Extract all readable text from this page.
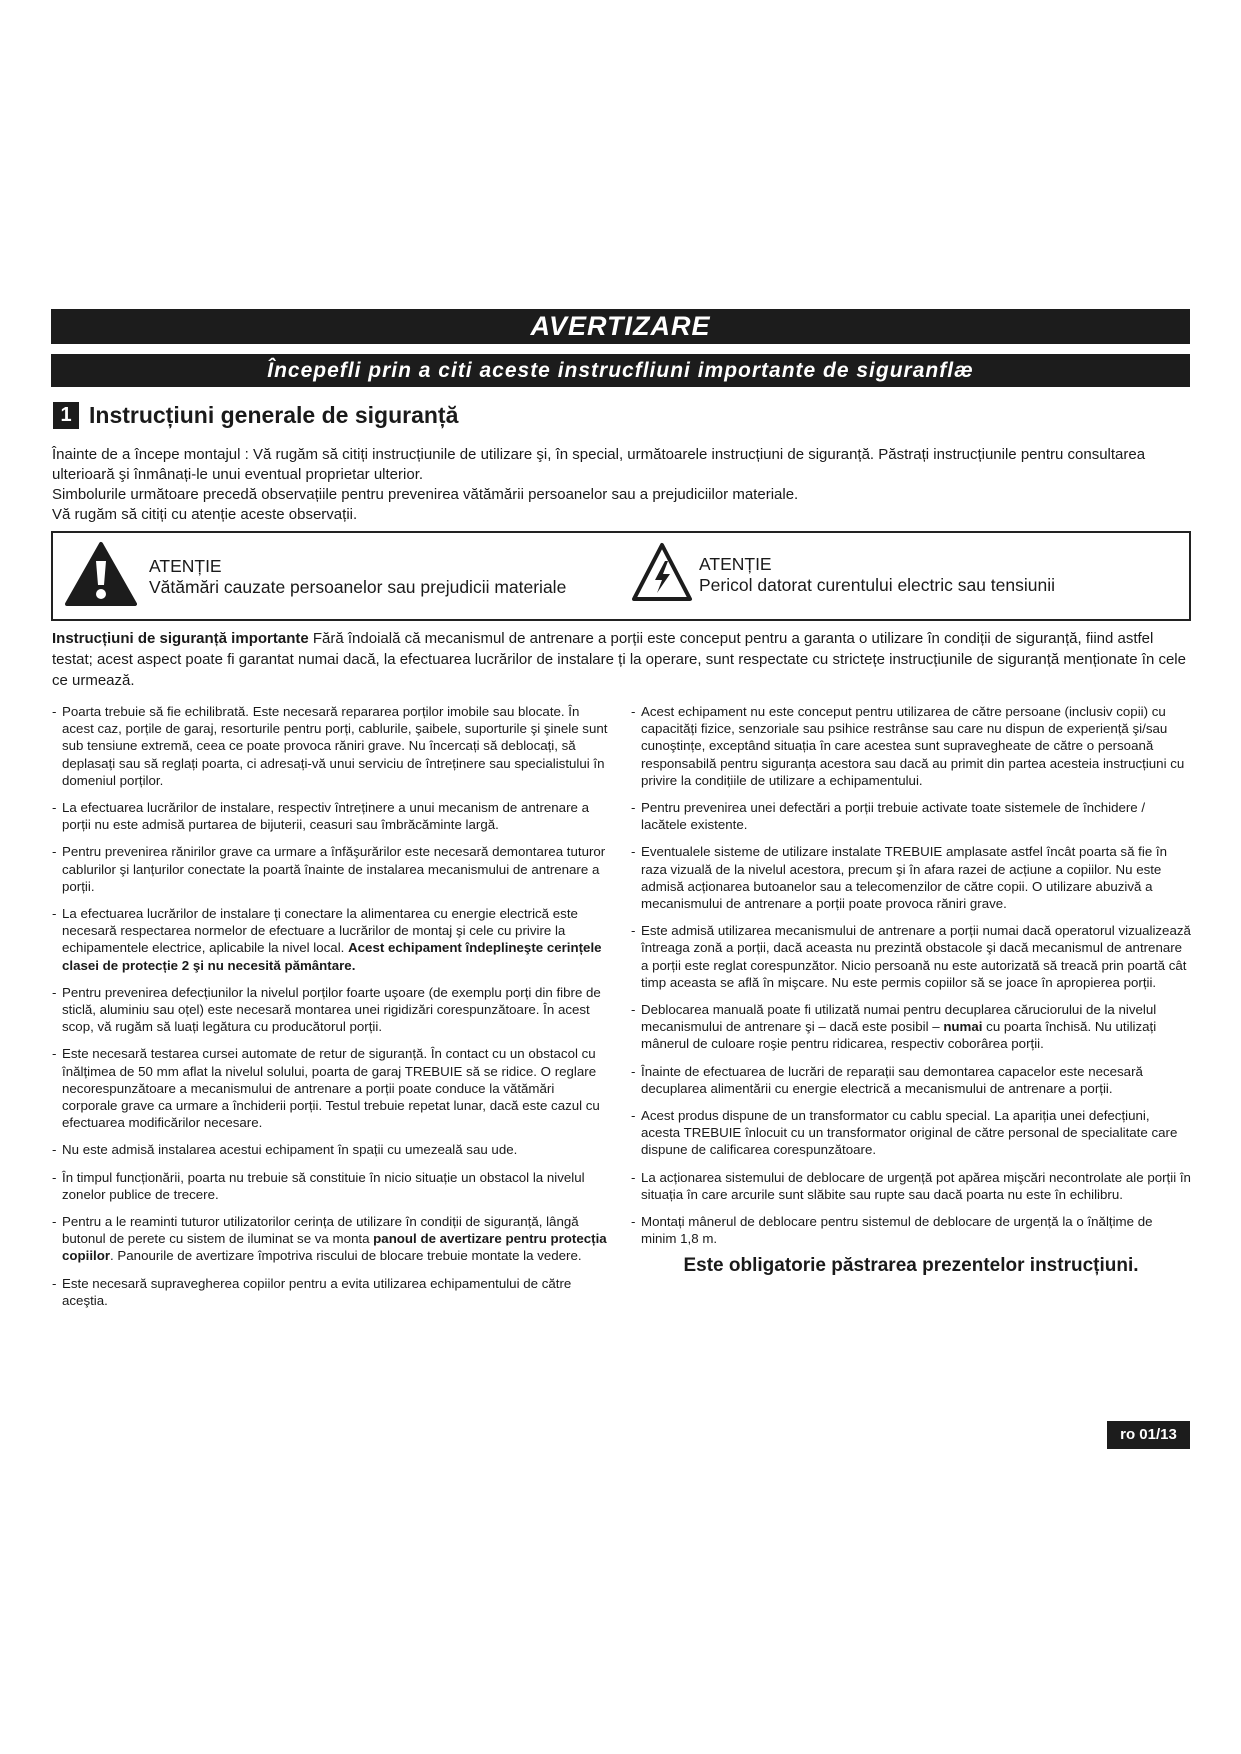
AVERTIZARE
Începefli prin a citi aceste instrucfliuni importante de siguranflæ
1 Instrucțiuni generale de siguranță

Înainte de a începe montajul : Vă rugăm să citiți instrucțiunile de utilizare şi, în special, următoarele instrucțiuni de siguranță. Păstrați instrucțiunile pentru consultarea ulterioară şi înmânați-le unui eventual proprietar ulterior.

Simbolurile următoare precedă observațiile pentru prevenirea vătămării persoanelor sau a prejudiciilor materiale.

Vă rugăm să citiți cu atenție aceste observații.

ATENȚIE
Vătămări cauzate persoanelor sau prejudicii materiale
ATENȚIE
Pericol datorat curentului electric sau tensiunii
Instrucțiuni de siguranță importante Fără îndoială că mecanismul de antrenare a porții este conceput pentru a garanta o utilizare în condiții de siguranță, fiind astfel testat; acest aspect poate fi garantat numai dacă, la efectuarea lucrărilor de instalare ți la operare, sunt respectate cu strictețe instrucțiunile de siguranță menționate în cele ce urmează.
- Poarta trebuie să fie echilibrată. Este necesară repararea porților imobile sau blocate. În acest caz, porțile de garaj, resorturile pentru porți, cablurile, şaibele, suporturile şi şinele sunt sub tensiune extremă, ceea ce poate provoca răniri grave. Nu încercați să deblocați, să deplasați sau să reglați poarta, ci adresați-vă unui serviciu de întreținere sau specialistului în domeniul porților.
- La efectuarea lucrărilor de instalare, respectiv întreținere a unui mecanism de antrenare a porții nu este admisă purtarea de bijuterii, ceasuri sau îmbrăcăminte largă.
- Pentru prevenirea rănirilor grave ca urmare a înfăşurărilor este necesară demontarea tuturor cablurilor şi lanțurilor conectate la poartă înainte de instalarea mecanismului de antrenare a porții.
- La efectuarea lucrărilor de instalare ți conectare la alimentarea cu energie electrică este necesară respectarea normelor de efectuare a lucrărilor de montaj şi cele cu privire la echipamentele electrice, aplicabile la nivel local. Acest echipament îndeplineşte cerințele clasei de protecție 2 şi nu necesită pământare.
- Pentru prevenirea defecțiunilor la nivelul porților foarte uşoare (de exemplu porți din fibre de sticlă, aluminiu sau oțel) este necesară montarea unei rigidizări corespunzătoare. În acest scop, vă rugăm să luați legătura cu producătorul porții.
- Este necesară testarea cursei automate de retur de siguranță. În contact cu un obstacol cu înălțimea de 50 mm aflat la nivelul solului, poarta de garaj TREBUIE să se ridice. O reglare necorespunzătoare a mecanismului de antrenare a porții poate conduce la vătămări corporale grave ca urmare a închiderii porții. Testul trebuie repetat lunar, dacă este cazul cu efectuarea modificărilor necesare.
- Nu este admisă instalarea acestui echipament în spații cu umezeală sau ude.
- În timpul funcționării, poarta nu trebuie să constituie în nicio situație un obstacol la nivelul zonelor publice de trecere.
- Pentru a le reaminti tuturor utilizatorilor cerința de utilizare în condiții de siguranță, lângă butonul de perete cu sistem de iluminat se va monta panoul de avertizare pentru protecția copiilor. Panourile de avertizare împotriva riscului de blocare trebuie montate la vedere.
- Este necesară supravegherea copiilor pentru a evita utilizarea echipamentului de către aceştia.
- Acest echipament nu este conceput pentru utilizarea de către persoane (inclusiv copii) cu capacități fizice, senzoriale sau psihice restrânse sau care nu dispun de experiență şi/sau cunoştințe, exceptând situația în care acestea sunt supravegheate de către o persoană responsabilă pentru siguranța acestora sau dacă au primit din partea acesteia instrucțiuni cu privire la condițiile de utilizare a echipamentului.
- Pentru prevenirea unei defectări a porții trebuie activate toate sistemele de închidere / lacătele existente.
- Eventualele sisteme de utilizare instalate TREBUIE amplasate astfel încât poarta să fie în raza vizuală de la nivelul acestora, precum şi în afara razei de acțiune a copiilor. Nu este admisă acționarea butoanelor sau a telecomenzilor de către copii. O utilizare abuzivă a mecanismului de antrenare a porții poate provoca răniri grave.
- Este admisă utilizarea mecanismului de antrenare a porții numai dacă operatorul vizualizează întreaga zonă a porții, dacă aceasta nu prezintă obstacole şi dacă mecanismul de antrenare a porții este reglat corespunzător. Nicio persoană nu este autorizată să treacă prin poartă cât timp aceasta se află în mişcare. Nu este permis copiilor să se joace în apropierea porții.
- Deblocarea manuală poate fi utilizată numai pentru decuplarea căruciorului de la nivelul mecanismului de antrenare şi – dacă este posibil – numai cu poarta închisă. Nu utilizați mânerul de culoare roşie pentru ridicarea, respectiv coborârea porții.
- Înainte de efectuarea de lucrări de reparații sau demontarea capacelor este necesară decuplarea alimentării cu energie electrică a mecanismului de antrenare a porții.
- Acest produs dispune de un transformator cu cablu special. La apariția unei defecțiuni, acesta TREBUIE înlocuit cu un transformator original de către personal de specialitate care dispune de calificarea corespunzătoare.
- La acționarea sistemului de deblocare de urgență pot apărea mişcări necontrolate ale porții în situația în care arcurile sunt slăbite sau rupte sau dacă poarta nu este în echilibru.
- Montați mânerul de deblocare pentru sistemul de deblocare de urgență la o înălțime de minim 1,8 m.
Este obligatorie păstrarea prezentelor instrucțiuni.
ro 01/13
